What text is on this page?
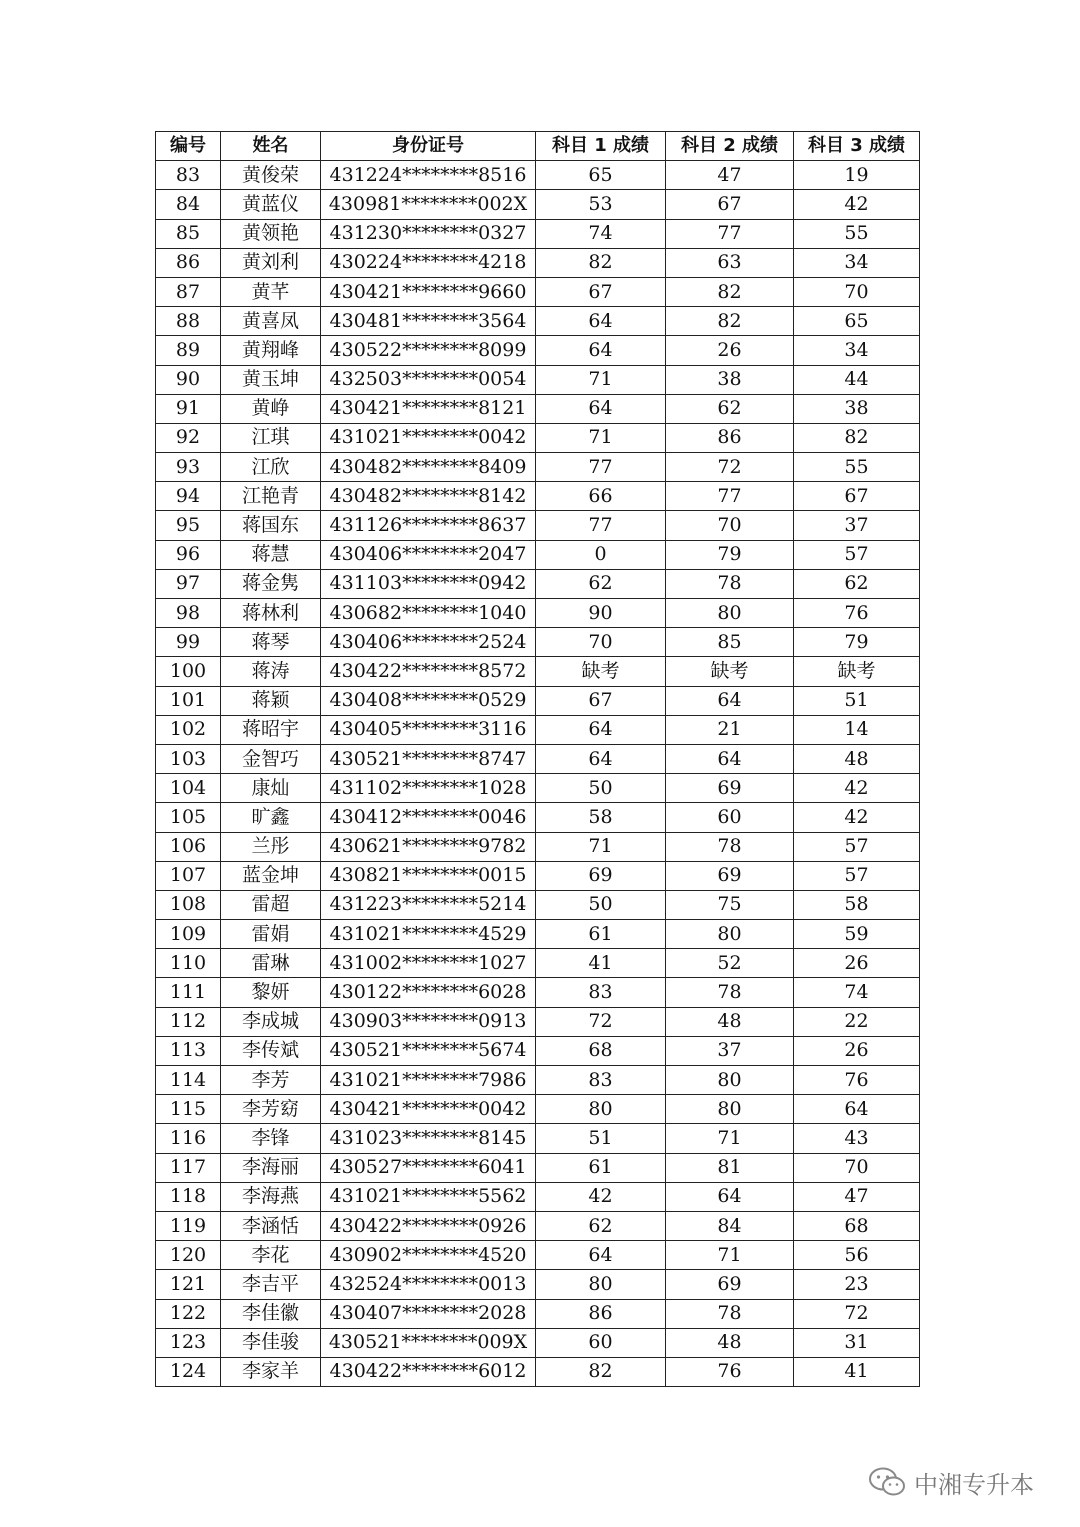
编号	姓名	身份证号	科目 1 成绩	科目 2 成绩	科目 3 成绩
83	黄俊荣	431224********8516	65	47	19
84	黄蓝仪	430981********002X	53	67	42
85	黄领艳	431230********0327	74	77	55
86	黄刘利	430224********4218	82	63	34
87	黄芊	430421********9660	67	82	70
88	黄喜凤	430481********3564	64	82	65
89	黄翔峰	430522********8099	64	26	34
90	黄玉坤	432503********0054	71	38	44
91	黄峥	430421********8121	64	62	38
92	江琪	431021********0042	71	86	82
93	江欣	430482********8409	77	72	55
94	江艳青	430482********8142	66	77	67
95	蒋国东	431126********8637	77	70	37
96	蒋慧	430406********2047	0	79	57
97	蒋金隽	431103********0942	62	78	62
98	蒋林利	430682********1040	90	80	76
99	蒋琴	430406********2524	70	85	79
100	蒋涛	430422********8572	缺考	缺考	缺考
101	蒋颖	430408********0529	67	64	51
102	蒋昭宇	430405********3116	64	21	14
103	金智巧	430521********8747	64	64	48
104	康灿	431102********1028	50	69	42
105	旷鑫	430412********0046	58	60	42
106	兰彤	430621********9782	71	78	57
107	蓝金坤	430821********0015	69	69	57
108	雷超	431223********5214	50	75	58
109	雷娟	431021********4529	61	80	59
110	雷琳	431002********1027	41	52	26
111	黎妍	430122********6028	83	78	74
112	李成城	430903********0913	72	48	22
113	李传斌	430521********5674	68	37	26
114	李芳	431021********7986	83	80	76
115	李芳窈	430421********0042	80	80	64
116	李锋	431023********8145	51	71	43
117	李海丽	430527********6041	61	81	70
118	李海燕	431021********5562	42	64	47
119	李涵恬	430422********0926	62	84	68
120	李花	430902********4520	64	71	56
121	李吉平	432524********0013	80	69	23
122	李佳徽	430407********2028	86	78	72
123	李佳骏	430521********009X	60	48	31
124	李家羊	430422********6012	82	76	41
中湘专升本
